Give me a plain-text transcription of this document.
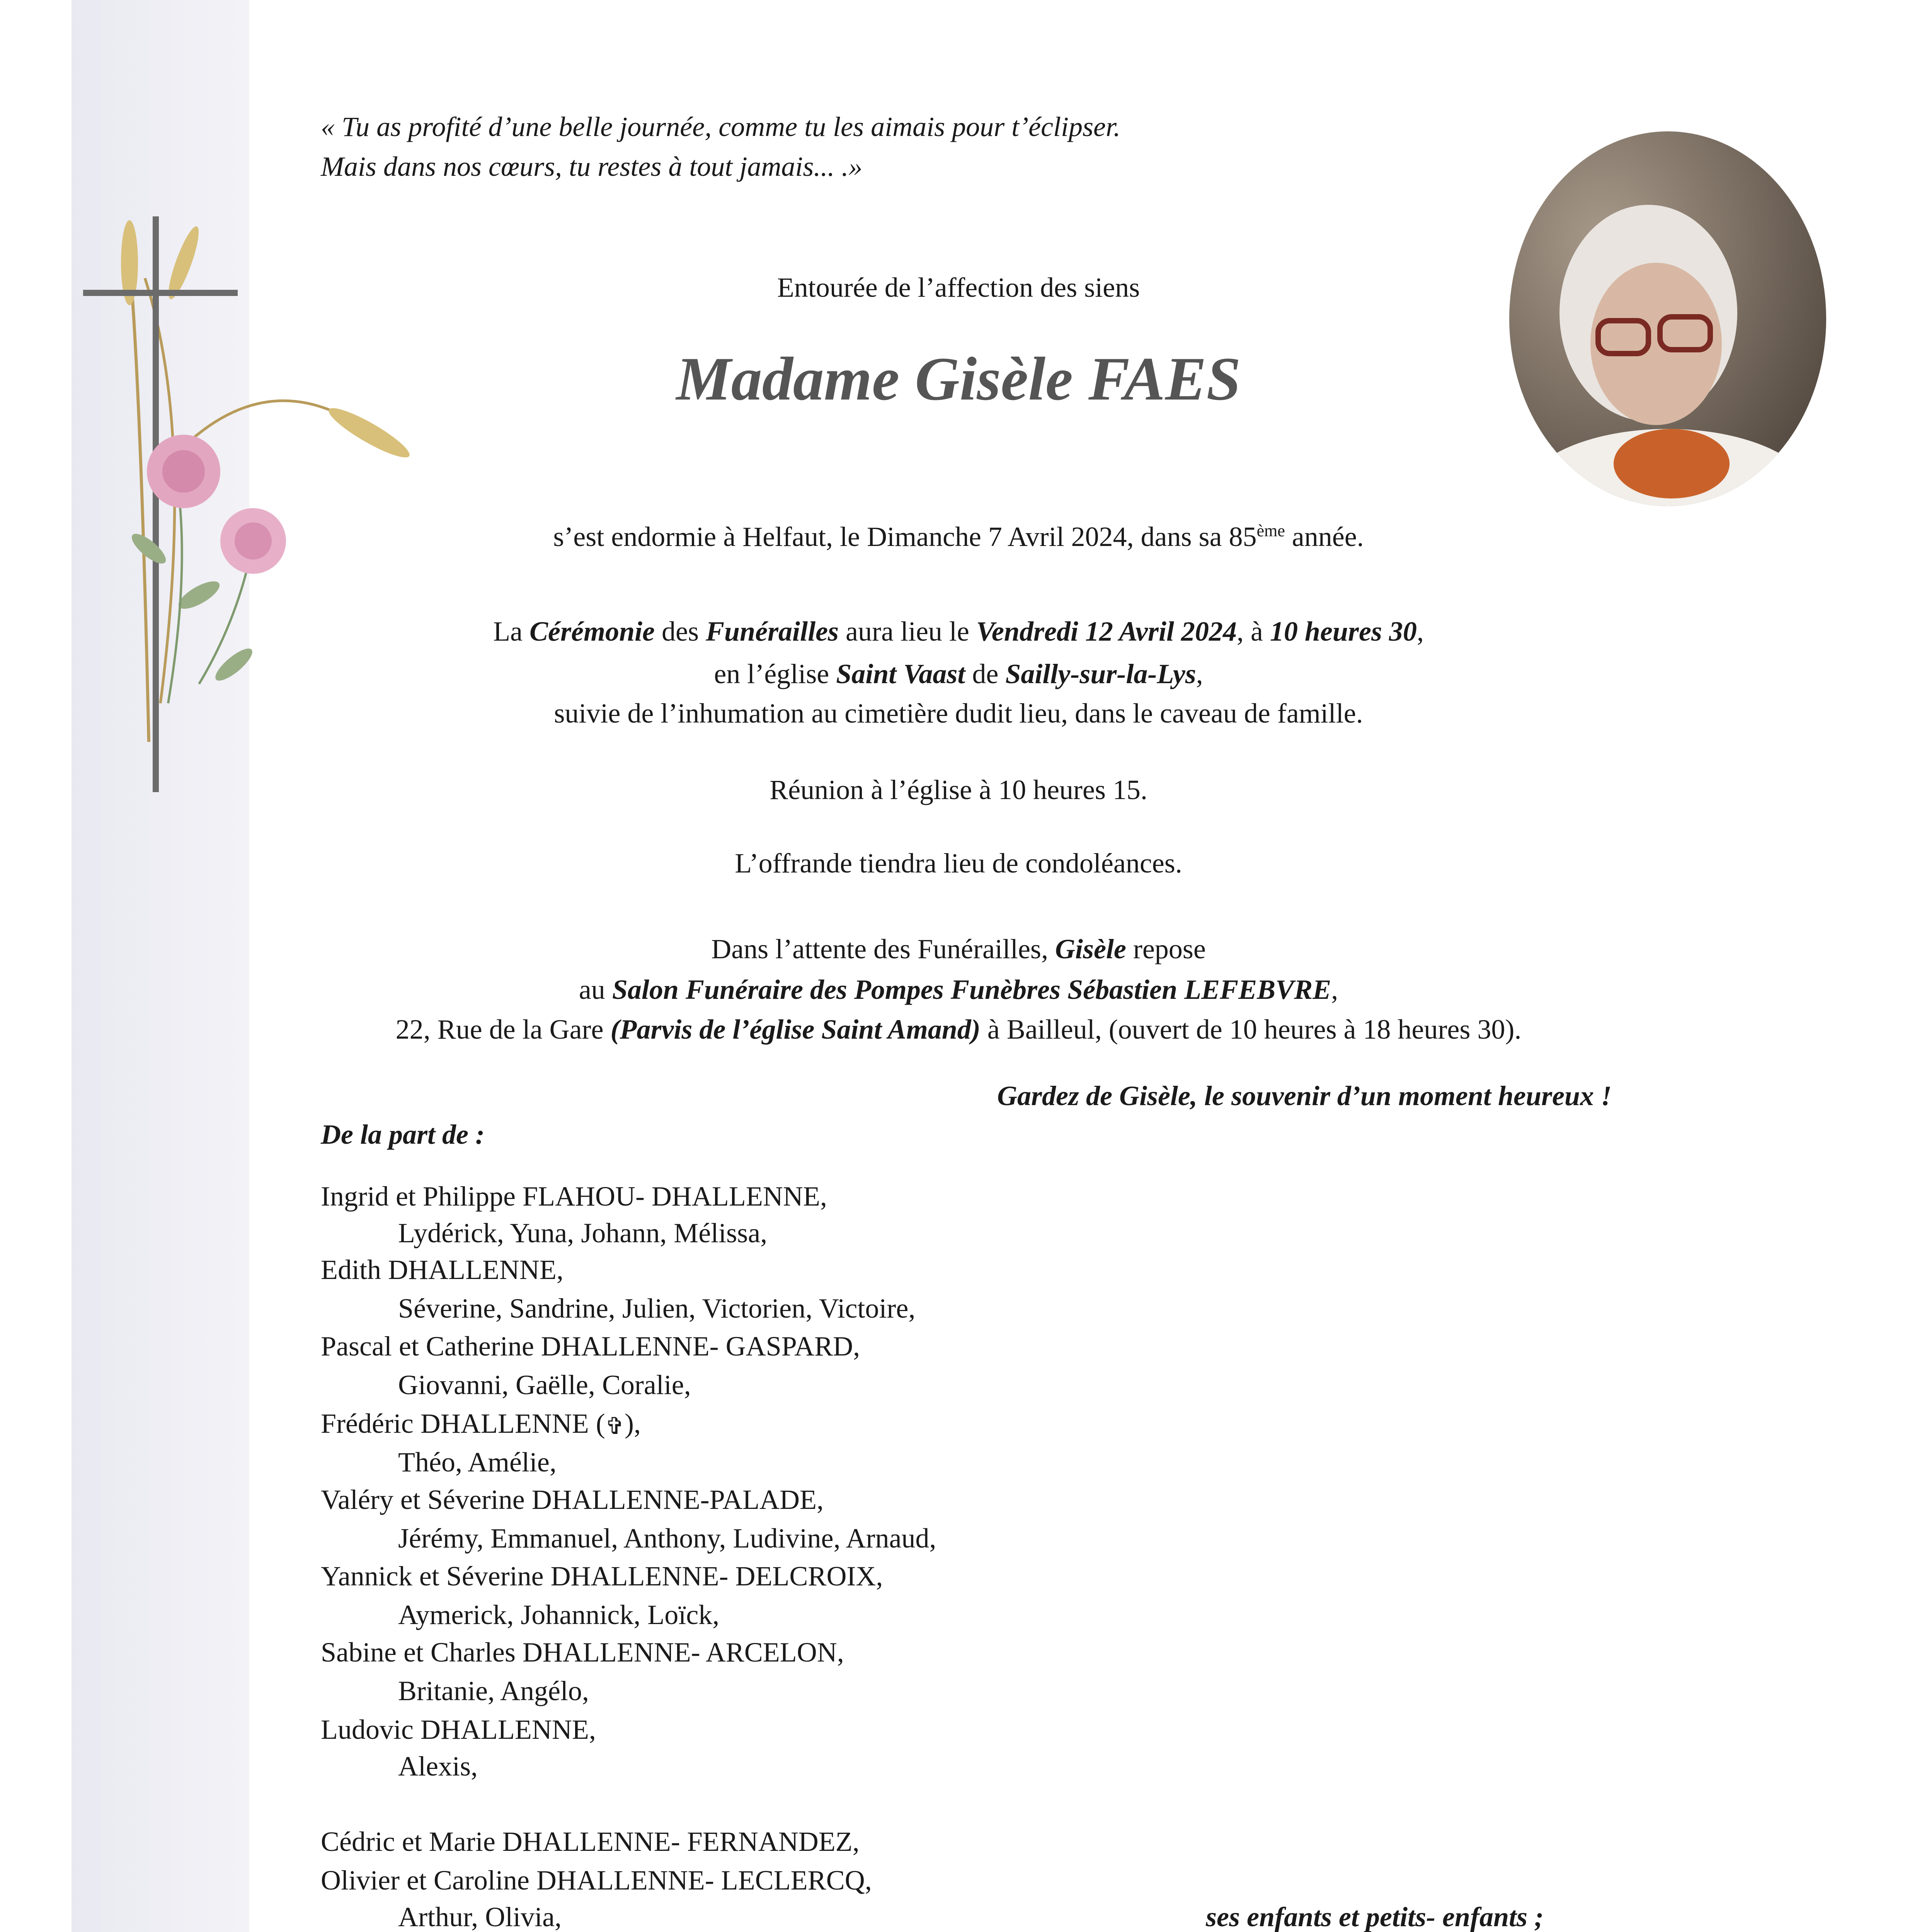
« Tu as profité d’une belle journée, comme tu les aimais pour t’éclipser.
Mais dans nos cœurs, tu restes à tout jamais... .»
Entourée de l’affection des siens
Madame Gisèle FAES
s’est endormie à Helfaut, le Dimanche 7 Avril 2024, dans sa 85ème année.
La Cérémonie des Funérailles aura lieu le Vendredi 12 Avril 2024, à 10 heures 30,
en l’église Saint Vaast de Sailly-sur-la-Lys,
suivie de l’inhumation au cimetière dudit lieu, dans le caveau de famille.
Réunion à l’église à 10 heures 15.
L’offrande tiendra lieu de condoléances.
Dans l’attente des Funérailles, Gisèle repose
au Salon Funéraire des Pompes Funèbres Sébastien LEFEBVRE,
22, Rue de la Gare (Parvis de l’église Saint Amand) à Bailleul, (ouvert de 10 heures à 18 heures 30).
Gardez de Gisèle, le souvenir d’un moment heureux !
De la part de :
Ingrid et Philippe FLAHOU- DHALLENNE,
Lydérick, Yuna, Johann, Mélissa,
Edith DHALLENNE,
Séverine, Sandrine, Julien, Victorien, Victoire,
Pascal et Catherine DHALLENNE- GASPARD,
Giovanni, Gaëlle, Coralie,
Frédéric DHALLENNE (✞),
Théo, Amélie,
Valéry et Séverine DHALLENNE-PALADE,
Jérémy, Emmanuel, Anthony, Ludivine, Arnaud,
Yannick et Séverine DHALLENNE- DELCROIX,
Aymerick, Johannick, Loïck,
Sabine et Charles DHALLENNE- ARCELON,
Britanie, Angélo,
Ludovic DHALLENNE,
Alexis,
Cédric et Marie DHALLENNE- FERNANDEZ,
Olivier et Caroline DHALLENNE- LECLERCQ,
Arthur, Olivia,	ses enfants et petits- enfants ;
